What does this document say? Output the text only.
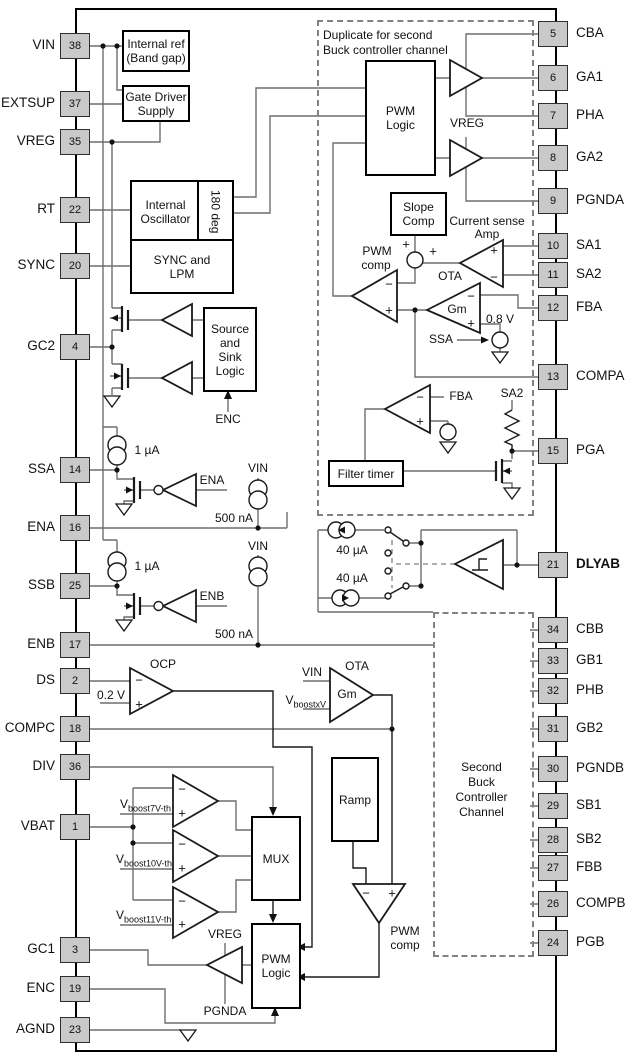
38
VIN
37
EXTSUP
35
VREG
22
RT
20
SYNC
4
GC2
14
SSA
16
ENA
25
SSB
17
ENB
2
DS
18
COMPC
36
DIV
1
VBAT
3
GC1
19
ENC
23
AGND
5 CBA
6 GA1
7 PHA
8 GA2
9 PGNDA
10 SA1
11 SA2
12 FBA
13 COMPA
15 PGA
21 DLYAB
34 CBB
33 GB1
32 PHB
31 GB2
30 PGNDB
29 SB1
28 SB2
27 FBB
26 COMPB
24 PGB
Internal ref
(Band gap)
Gate Driver
Supply
Internal
Oscillator 180 deg
SYNC and
LPM
Source
and
Sink
Logic
PWM
Logic
Slope
Comp
Filter timer
MUX
Ramp
PWM
Logic
Duplicate for second
Buck controller channel
Second
Buck
Controller
Channel
VREG
Current sense
Amp
PWM
comp
OTA
Gm
0.8 V
SSA
FBA SA2
ENC
1 µA
ENA
VIN
500 nA
1 µA
ENB
VIN
500 nA
40 µA
40 µA
OCP
0.2 V
VIN OTA
Gm
$V_{boostxV}$
$V_{boost7V-th}$
$V_{boost10V-th}$
$V_{boost11V-th}$
PWM
comp
VREG
PGNDA
+ +
−
+
+
−
−
+
−
+
−
+
−
+
−
+
−
+
− +
